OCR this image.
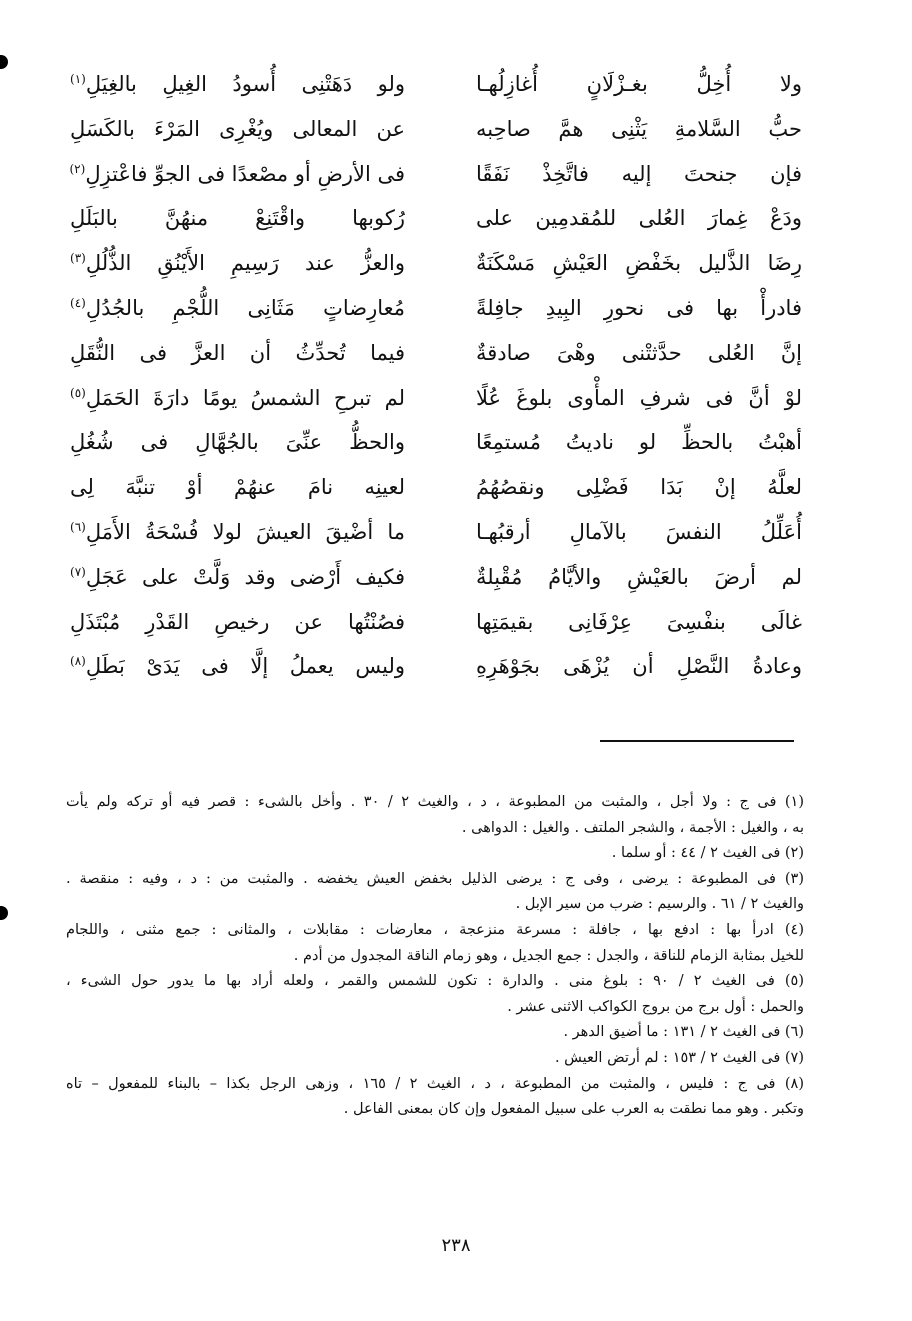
ولا أُخِلُّ بغـزْلَانٍ أُغازِلُهـا
ولو دَهَتْنِى أُسودُ الغِيلِ بالغِيَلِ$^{(١)}$
حبُّ السَّلامةِ يَثْنِى همَّ صاحِبه
عن المعالى ويُغْرِى المَرْءَ بالكَسَلِ
فإن جنحتَ إليه فاتَّخِذْ نَفَقًا
فى الأرضِ أو مصْعدًا فى الجوِّ فاعْتزِلِ$^{(٢)}$
ودَعْ غِمارَ العُلى للمُقدمِين على
رُكوبها واقْتَنِعْ منهُنَّ بالبَلَلِ
رِضَا الذَّليل بخَفْضِ العَيْشِ مَسْكَنَةٌ
والعزُّ عند رَسِيمِ الأَيْنُقِ الذُّلُلِ$^{(٣)}$
فادرأْ بها فى نحورِ البِيدِ جافِلةً
مُعارِضاتٍ مَثَانِى اللُّجْمِ بالجُدُلِ$^{(٤)}$
إنَّ العُلى حدَّثتْنى وهْىَ صادقةٌ
فيما تُحدِّثُ أن العزَّ فى النُّقَلِ
لوْ أنَّ فى شرفِ المأْوى بلوغَ عُلًا
لم تبرحِ الشمسُ يومًا دارَةَ الحَمَلِ$^{(٥)}$
أهبْتُ بالحظِّ لو ناديتُ مُستمِعًا
والحظُّ عنِّىَ بالجُهَّالِ فى شُغُلِ
لعلَّهُ إنْ بَدَا فَضْلِى ونقصُهُمُ
لعينِه نامَ عنهُمْ أوْ تنبَّهَ لِى
أُعَلِّلُ النفسَ بالآمالِ أرقبُهـا
ما أضْيقَ العيشَ لولا فُسْحَةُ الأَمَلِ$^{(٦)}$
لم أرضَ بالعَيْشِ والأيَّامُ مُقْبِلةٌ
فكيف أَرْضى وقد وَلَّتْ على عَجَلِ$^{(٧)}$
غالَى بنفْسِىَ عِرْفَانِى بقيمَتِها
فصُنْتُها عن رخيصِ القَدْرِ مُبْتَذَلِ
وعادةُ النَّصْلِ أن يُزْهَى بجَوْهَرِهِ
وليس يعملُ إلَّا فى يَدَىْ بَطَلِ$^{(٨)}$

(١) فى ج : ولا أجل ، والمثبت من المطبوعة ، د ، والغيث ٢ / ٣٠ . وأخل بالشىء : قصر فيه أو تركه ولم يأت

به ، والغيل : الأجمة ، والشجر الملتف . والغيل : الدواهى .

(٢) فى الغيث ٢ / ٤٤ : أو سلما .

(٣) فى المطبوعة : يرضى ، وفى ج : يرضى الذليل بخفض العيش يخفضه . والمثبت من : د ، وفيه : منقصة .

والغيث ٢ / ٦١ . والرسيم : ضرب من سير الإبل .

(٤) ادرأ بها : ادفع بها ، جافلة : مسرعة منزعجة ، معارضات : مقابلات ، والمثانى : جمع مثنى ، واللجام

للخيل بمثابة الزمام للناقة ، والجدل : جمع الجديل ، وهو زمام الناقة المجدول من أدم .

(٥) فى الغيث ٢ / ٩٠ : بلوغ منى . والدارة : تكون للشمس والقمر ، ولعله أراد بها ما يدور حول الشىء ،

والحمل : أول برج من بروج الكواكب الاثنى عشر .

(٦) فى الغيث ٢ / ١٣١ : ما أضيق الدهر .

(٧) فى الغيث ٢ / ١٥٣ : لم أرتض العيش .

(٨) فى ج : فليس ، والمثبت من المطبوعة ، د ، الغيث ٢ / ١٦٥ ، وزهى الرجل بكذا – بالبناء للمفعول – تاه

وتكبر . وهو مما نطقت به العرب على سبيل المفعول وإن كان بمعنى الفاعل .

٢٣٨
